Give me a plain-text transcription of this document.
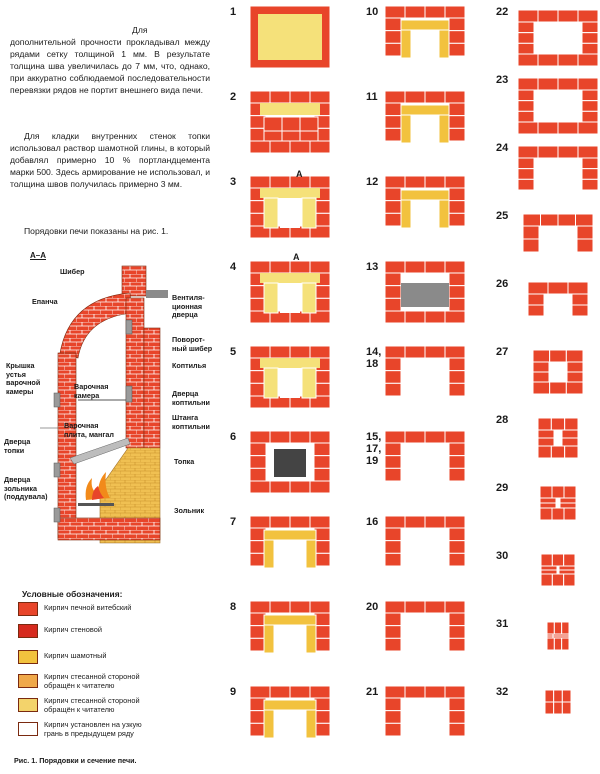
Для дополнительной прочности прокладывал между рядами сетку толщиной 1 мм. В результате толщина шва увеличилась до 7 мм, что, однако, при аккуратно соблюдаемой последовательности перевязки рядов не портит внешнего вида печи.
Для кладки внутренних стенок топки использовал раствор шамотной глины, в который добавлял примерно 10 % портландцемента марки 500. Здесь армирование не использовал, и толщина швов получилась примерно 3 мм.
Порядовки печи показаны на рис. 1.
А–А
Шибер
Епанча	Вентиля-
ционная
дверца
Поворот-
ный шибер
Коптилья
Крышка
устья
варочной
камеры	Варочная
камера	Дверца
коптильни
Штанга
коптильни
Варочная
плита, мангал
Дверца
топки
Топка
Дверца
зольника
(поддувала)
Зольник
Условные обозначения:
Кирпич печной витебский
Кирпич стеновой
Кирпич шамотный
Кирпич стесанной стороной
обращён к читателю
Кирпич стесанной стороной
обращён к читателю
Кирпич установлен на узкую
грань в предыдущем ряду
Рис. 1. Порядовки и сечение печи.
1
2
3
4
5
6
7
8
9
10
11
12
13
14,
18
15,
17,
19
16
20
21
22
23
24
25
26
27
28
29
30
31
32
А
А
